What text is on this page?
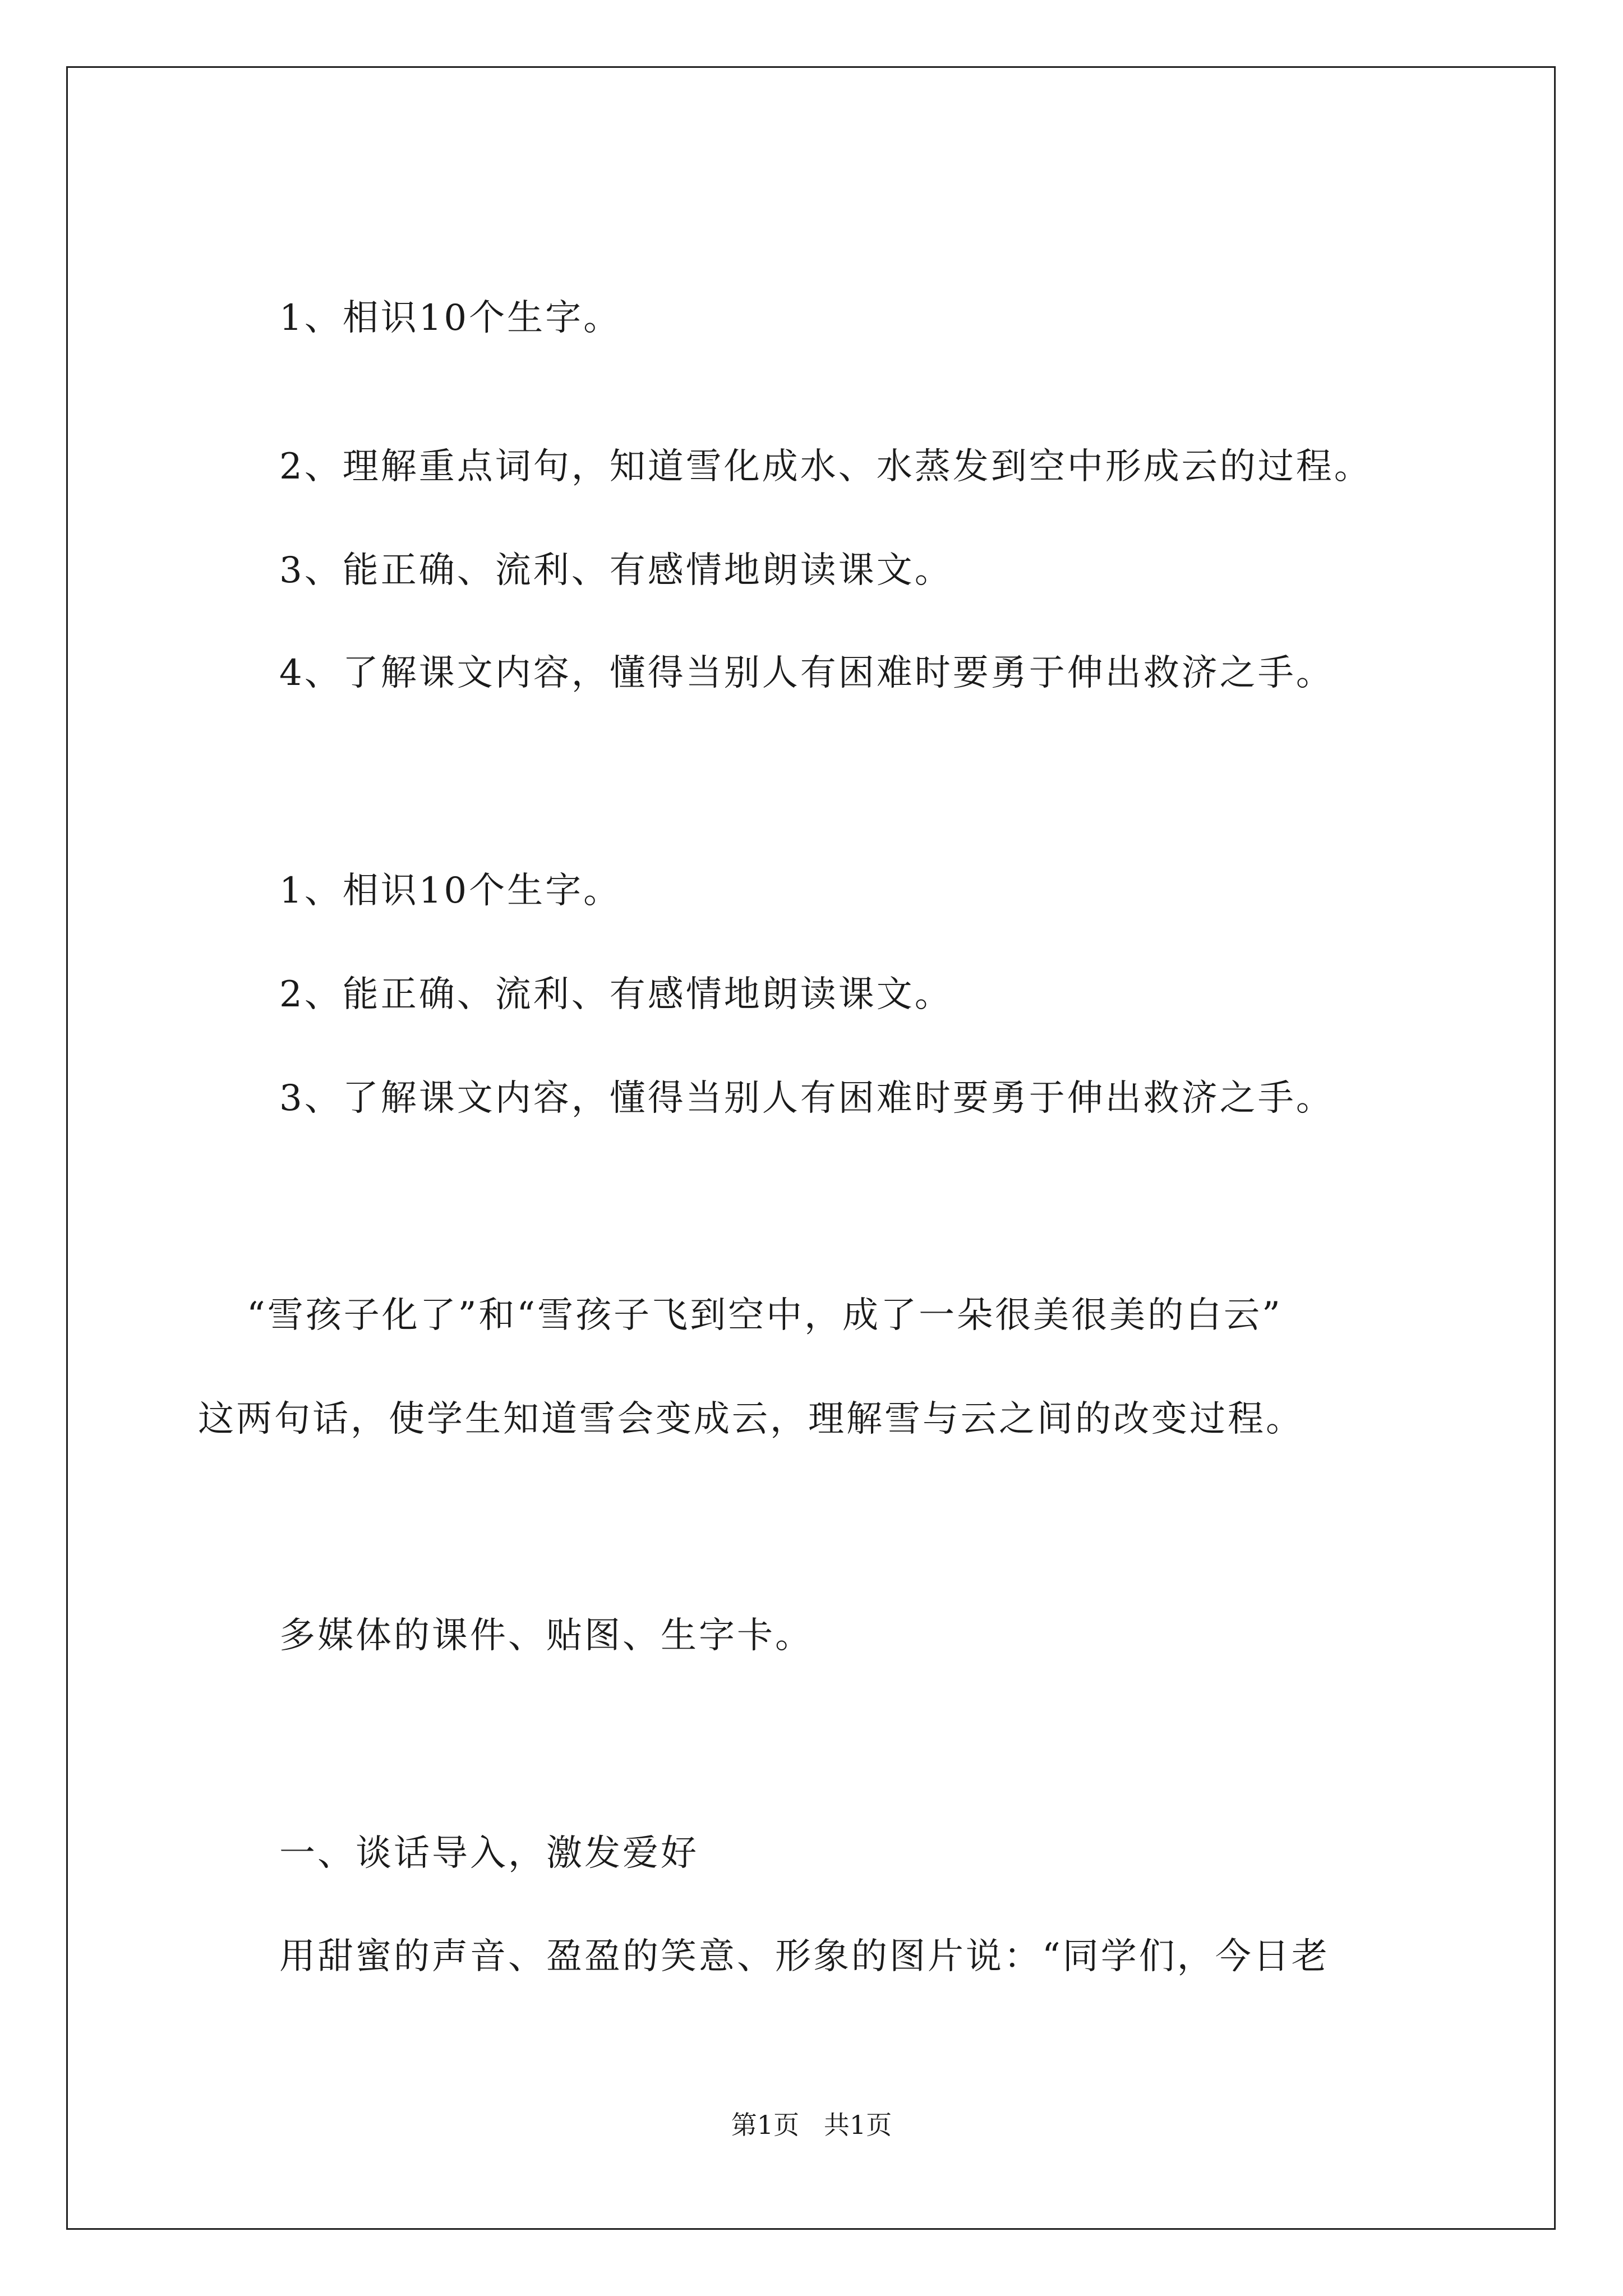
1、相识10个生字。
2、理解重点词句，知道雪化成水、水蒸发到空中形成云的过程。
3、能正确、流利、有感情地朗读课文。
4、了解课文内容，懂得当别人有困难时要勇于伸出救济之手。
1、相识10个生字。
2、能正确、流利、有感情地朗读课文。
3、了解课文内容，懂得当别人有困难时要勇于伸出救济之手。
“雪孩子化了”和“雪孩子飞到空中，成了一朵很美很美的白云”
这两句话，使学生知道雪会变成云，理解雪与云之间的改变过程。
多媒体的课件、贴图、生字卡。
一、谈话导入，激发爱好
用甜蜜的声音、盈盈的笑意、形象的图片说：“同学们，今日老
第1页   共1页
